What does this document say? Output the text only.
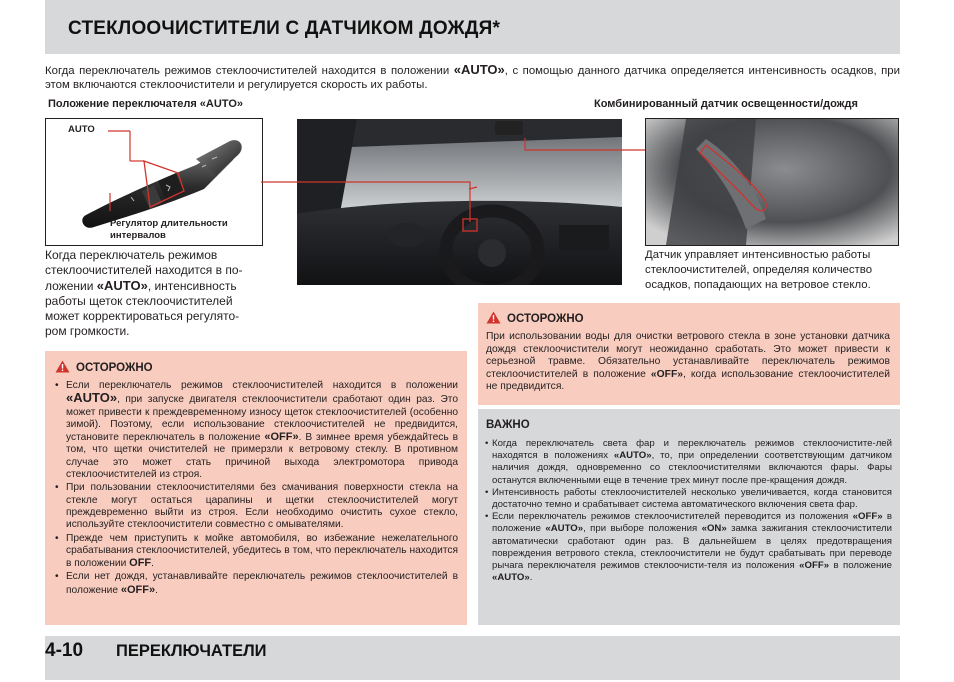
СТЕКЛООЧИСТИТЕЛИ С ДАТЧИКОМ ДОЖДЯ*
Когда переключатель режимов стеклоочистителей находится в положении «AUTO», с помощью данного датчика определяется интенсивность осадков, при этом включаются стеклоочистители и регулируется скорость их работы.
Положение переключателя «AUTO»	Комбинированный датчик освещенности/дождя
AUTO
Регулятор длительности
интервалов
Когда переключатель режимов
стеклоочистителей находится в по-
ложении «AUTO», интенсивность
работы щеток стеклоочистителей
может корректироваться регулято-
ром громкости.
Датчик управляет интенсивностью работы
стеклоочистителей, определяя количество
осадков, попадающих на ветровое стекло.
ОСТОРОЖНО
• Если переключатель режимов стеклоочистителей находится в положении «AUTO», при запуске двигателя стеклоочистители сработают один раз. Это может привести к преждевременному износу щеток стеклоочистителей (особенно зимой). Поэтому, если использование стеклоочистителей не предвидится, установите переключатель в положение «OFF». В зимнее время убеждайтесь в том, что щетки очистителей не примерзли к ветровому стеклу. В противном случае это может стать причиной выхода электромотора привода стеклоочистителей из строя.
• При пользовании стеклоочистителями без смачивания поверхности стекла на стекле могут остаться царапины и щетки стеклоочистителей могут преждевременно выйти из строя. Если необходимо очистить сухое стекло, используйте стеклоочистители совместно с омывателями.
• Прежде чем приступить к мойке автомобиля, во избежание нежелательного срабатывания стеклоочистителей, убедитесь в том, что переключатель находится в положении OFF.
• Если нет дождя, устанавливайте переключатель режимов стеклоочистителей в положение «OFF».
ОСТОРОЖНО
При использовании воды для очистки ветрового стекла в зоне установки датчика дождя стеклоочистители могут неожиданно сработать. Это может привести к серьезной травме. Обязательно устанавливайте переключатель режимов стеклоочистителей в положение «OFF», когда использование стеклоочистителей не предвидится.
ВАЖНО
• Когда переключатель света фар и переключатель режимов стеклоочистите-лей находятся в положениях «AUTO», то, при определении соответствующим датчиком наличия дождя, одновременно со стеклоочистителями включаются фары. Фары останутся включенными еще в течение трех минут после пре-кращения дождя.
• Интенсивность работы стеклоочистителей несколько увеличивается, когда становится достаточно темно и срабатывает система автоматического включения света фар.
• Если переключатель режимов стеклоочистителей переводится из положения «OFF» в положение «AUTO», при выборе положения «ON» замка зажигания стеклоочистители автоматически сработают один раз. В дальнейшем в целях предотвращения повреждения ветрового стекла, стеклоочистители не будут срабатывать при переводе рычага переключателя режимов стеклоочисти-теля из положения «OFF» в положение «AUTO».
4-10 ПЕРЕКЛЮЧАТЕЛИ
